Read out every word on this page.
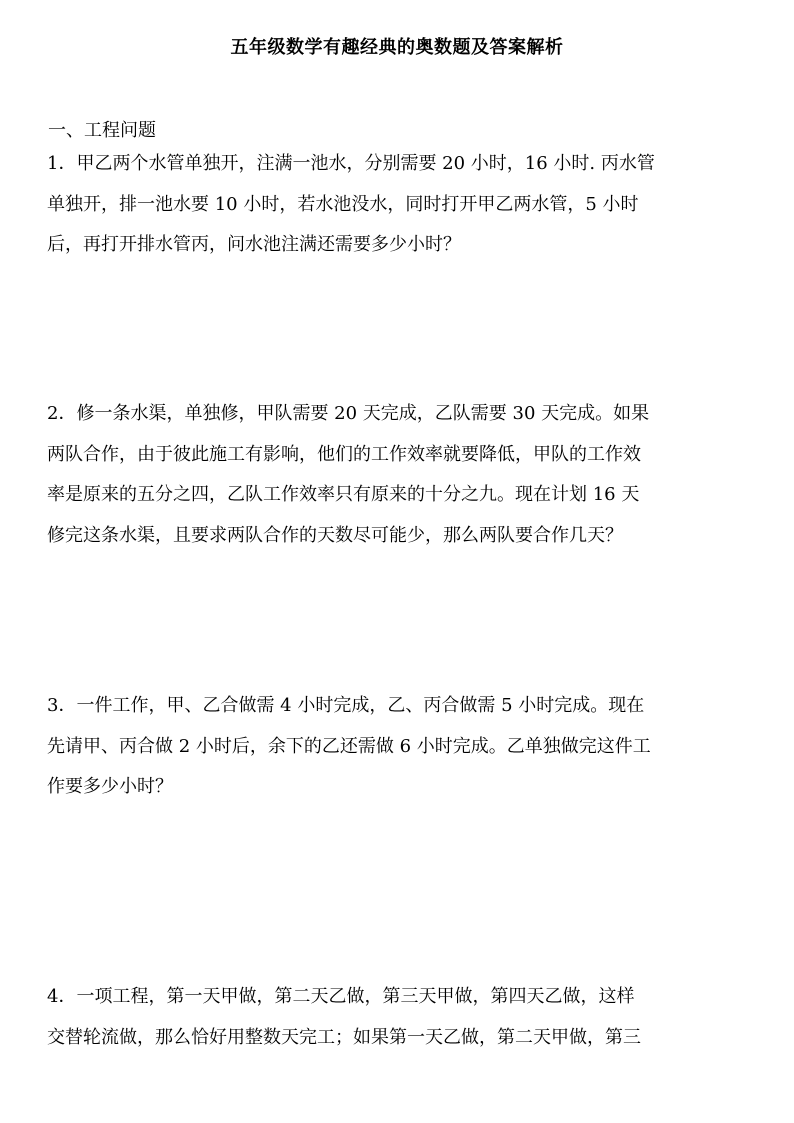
五年级数学有趣经典的奥数题及答案解析
一、工程问题
1．甲乙两个水管单独开，注满一池水，分别需要 20 小时，16 小时. 丙水管
单独开，排一池水要 10 小时，若水池没水，同时打开甲乙两水管，5 小时
后，再打开排水管丙，问水池注满还需要多少小时？
2．修一条水渠，单独修，甲队需要 20 天完成，乙队需要 30 天完成。如果
两队合作，由于彼此施工有影响，他们的工作效率就要降低，甲队的工作效
率是原来的五分之四，乙队工作效率只有原来的十分之九。现在计划 16 天
修完这条水渠，且要求两队合作的天数尽可能少，那么两队要合作几天？
3．一件工作，甲、乙合做需 4 小时完成，乙、丙合做需 5 小时完成。现在
先请甲、丙合做 2 小时后，余下的乙还需做 6 小时完成。乙单独做完这件工
作要多少小时？
4．一项工程，第一天甲做，第二天乙做，第三天甲做，第四天乙做，这样
交替轮流做，那么恰好用整数天完工；如果第一天乙做，第二天甲做，第三
